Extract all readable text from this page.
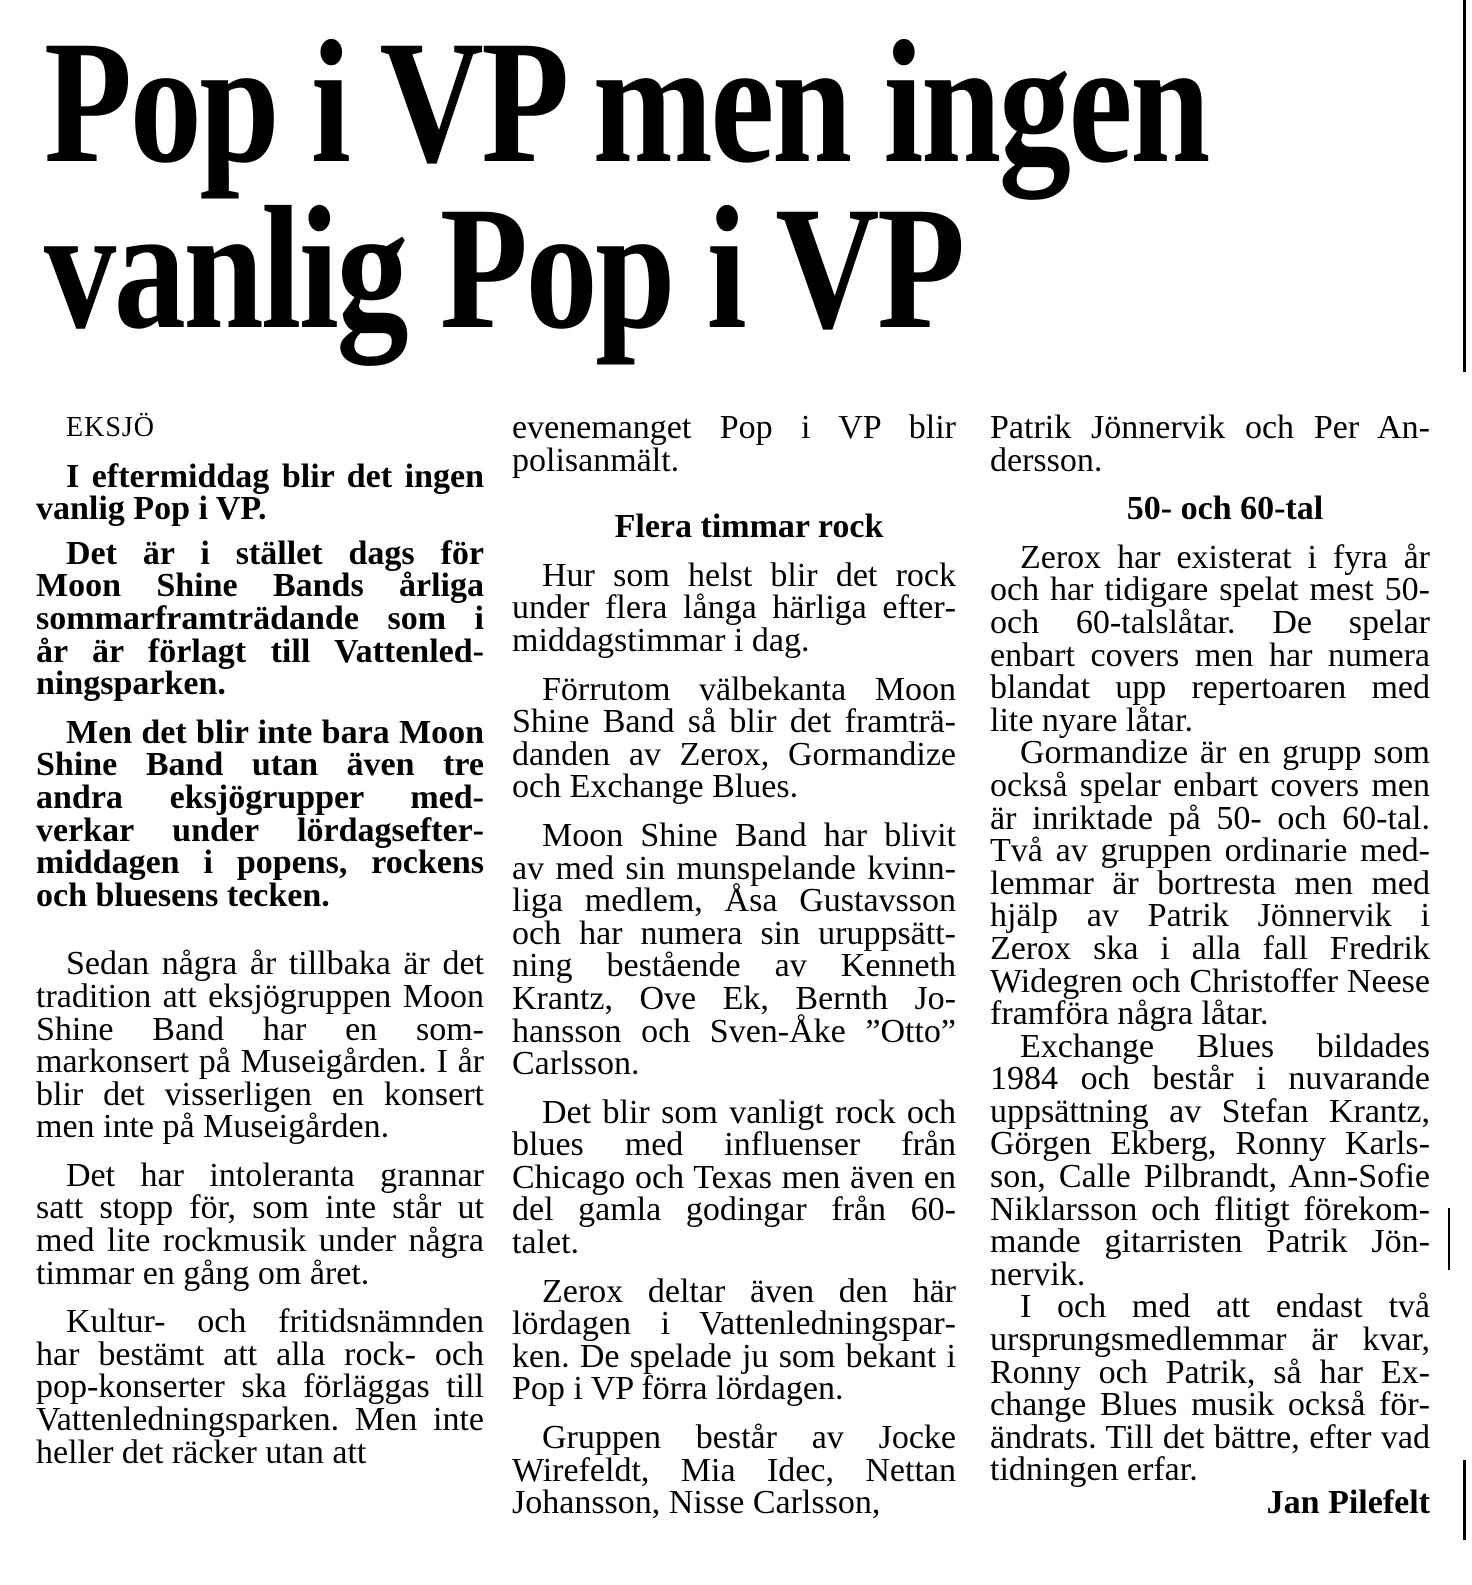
Pop i VP men ingen
vanlig Pop i VP

EKSJÖ

I eftermiddag blir det ingen vanlig Pop i VP.

Det är i stället dags för Moon Shine Bands årliga sommarframträdande som i år är förlagt till Vattenledningsparken.

Men det blir inte bara Moon Shine Band utan även tre andra eksjögrupper medverkar under lördagseftermiddagen i popens, rockens och bluesens tecken.

Sedan några år tillbaka är det tradition att eksjögruppen Moon Shine Band har en sommarkonsert på Museigården. I år blir det visserligen en konsert men inte på Museigården.

Det har intoleranta grannar satt stopp för, som inte står ut med lite rockmusik under några timmar en gång om året.

Kultur- och fritidsnämnden har bestämt att alla rock- och pop-konserter ska förläggas till Vattenledningsparken. Men inte heller det räcker utan att

evenemanget Pop i VP blir polisanmält.

Flera timmar rock

Hur som helst blir det rock under flera långa härliga eftermiddagstimmar i dag.

Förrutom välbekanta Moon Shine Band så blir det framträdanden av Zerox, Gormandize och Exchange Blues.

Moon Shine Band har blivit av med sin munspelande kvinnliga medlem, Åsa Gustavsson och har numera sin uruppsättning bestående av Kenneth Krantz, Ove Ek, Bernth Johansson och Sven-Åke ”Otto” Carlsson.

Det blir som vanligt rock och blues med influenser från Chicago och Texas men även en del gamla godingar från 60-talet.

Zerox deltar även den här lördagen i Vattenledningsparken. De spelade ju som bekant i Pop i VP förra lördagen.

Gruppen består av Jocke Wirefeldt, Mia Idec, Nettan Johansson, Nisse Carlsson,

Patrik Jönnervik och Per Andersson.

50- och 60-tal

Zerox har existerat i fyra år och har tidigare spelat mest 50- och 60-talslåtar. De spelar enbart covers men har numera blandat upp repertoaren med lite nyare låtar.

Gormandize är en grupp som också spelar enbart covers men är inriktade på 50- och 60-tal. Två av gruppen ordinarie medlemmar är bortresta men med hjälp av Patrik Jönnervik i Zerox ska i alla fall Fredrik Widegren och Christoffer Neese framföra några låtar.

Exchange Blues bildades 1984 och består i nuvarande uppsättning av Stefan Krantz, Görgen Ekberg, Ronny Karlsson, Calle Pilbrandt, Ann-Sofie Niklarsson och flitigt förekommande gitarristen Patrik Jönnervik.

I och med att endast två ursprungsmedlemmar är kvar, Ronny och Patrik, så har Exchange Blues musik också förändrats. Till det bättre, efter vad tidningen erfar.

Jan Pilefelt
